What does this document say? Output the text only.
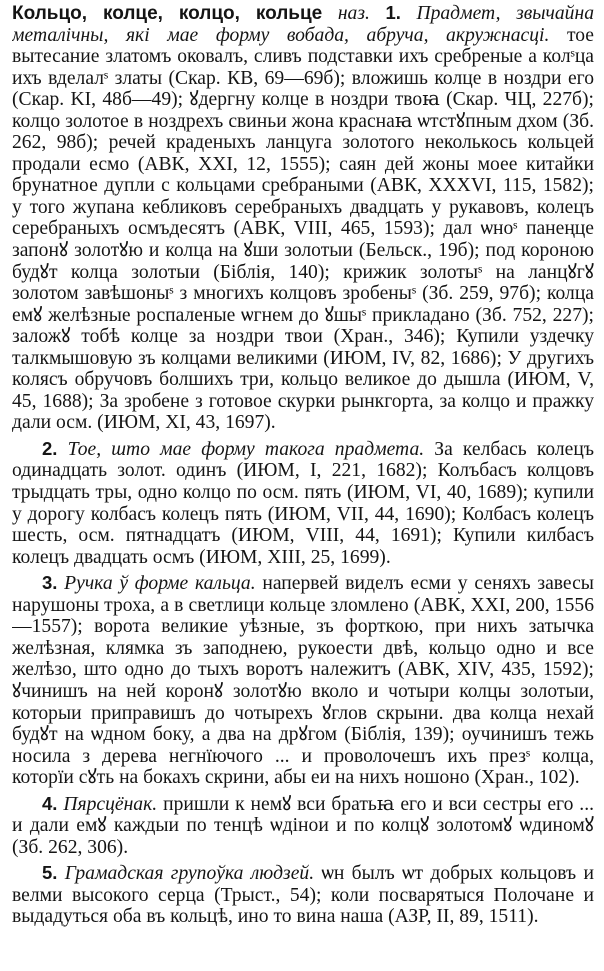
Кольцо, колце, колцо, кольце наз. 1. Прадмет, звычайна металічны, які мае форму вобада, абруча, акружнасці. тое вытесание златомъ оковалъ, сливъ подставки ихъ сребреные а колˢца ихъ вделалˢ златы (Скар. КВ, 69—69б); вложишь колце в ноздри его (Скар. KI, 48б—49); ꙋдергну колце в ноздри твоꙗ (Скар. ЧЦ, 227б); колцо золотое в ноздрехъ свиньи жона краснаꙗ ѡтстꙋпным дхом (Зб. 262, 98б); речей краденыхъ ланцуга золотого неколькось кольцей продали есмо (АВК, XXI, 12, 1555); саян дей жоны моее китайки брунатное дупли с кольцами сребраными (АВК, XXXVI, 115, 1582); у того жупана кебликовъ серебраныхъ двадцать у рукавовъ, колецъ серебраныхъ осмъдесятъ (АВК, VIII, 465, 1593); дал ѡноˢ панеңце запонꙋ золотꙋю и колца на ꙋши золотыи (Бельск., 19б); под короною будꙋт колца золотыи (Біблія, 140); крижик золотыˢ на ланцꙋгꙋ золотом завѣшоныˢ з многихъ колцовъ зробеныˢ (Зб. 259, 97б); колца емꙋ желѣзные роспаленые ѡгнем до ꙋшыˢ прикладано (Зб. 752, 227); заложꙋ тобѣ колце за ноздри твои (Хран., 346); Купили уздечку талкмышовую зъ колцами великими (ИЮМ, IV, 82, 1686); У другихъ колясъ обручовъ болшихъ три, кольцо великое до дышла (ИЮМ, V, 45, 1688); За зробене з готовое скурки рынкгорта, за колцо и пражку дали осм. (ИЮМ, XI, 43, 1697).

2. Тое, што мае форму такога прадмета. За келбась колецъ одинадцать золот. одинъ (ИЮМ, I, 221, 1682); Колъбасъ колцовъ трыдцать тры, одно колцо по осм. пять (ИЮМ, VI, 40, 1689); купили у дорогу колбасъ колецъ пять (ИЮМ, VII, 44, 1690); Колбасъ колецъ шесть, осм. пятнадцатъ (ИЮМ, VIII, 44, 1691); Купили килбасъ колецъ двадцать осмъ (ИЮМ, XIII, 25, 1699).

3. Ручка ў форме кальца. напервей виделъ есми у сеняхъ завесы нарушоны троха, а в светлици кольце зломлено (АВК, XXI, 200, 1556—1557); ворота великие уѣзные, зъ форткою, при нихъ затычка желѣзная, клямка зъ заподнею, рукоести двѣ, кольцо одно и все желѣзо, што одно до тыхъ воротъ належитъ (АВК, XIV, 435, 1592); ꙋчинишъ на ней коронꙋ золотꙋю вколо и чотыри колцы золотыи, которыи приправишъ до чотырехъ ꙋглов скрыни. два колца нехай будꙋт на ѡдном боку, а два на дрꙋгом (Біблія, 139); оучинишъ тежь носила з дерева негнїючого ... и проволочешъ ихъ презˢ колца, которїи сꙋть на бокахъ скрини, абы еи на нихъ ношоно (Хран., 102).

4. Пярсцёнак. пришли к немꙋ вси братьꙗ его и вси сестры его ... и дали емꙋ каждыи по тенцѣ ѡдінои и по колцꙋ золотомꙋ ѡдиномꙋ (Зб. 262, 306).

5. Грамадская групоўка людзей. ѡн былъ ѡт добрых кольцовъ и велми высокого серца (Трыст., 54); коли посварятыся Полочане и выдадуться оба въ кольцѣ, ино то вина наша (АЗР, II, 89, 1511).
